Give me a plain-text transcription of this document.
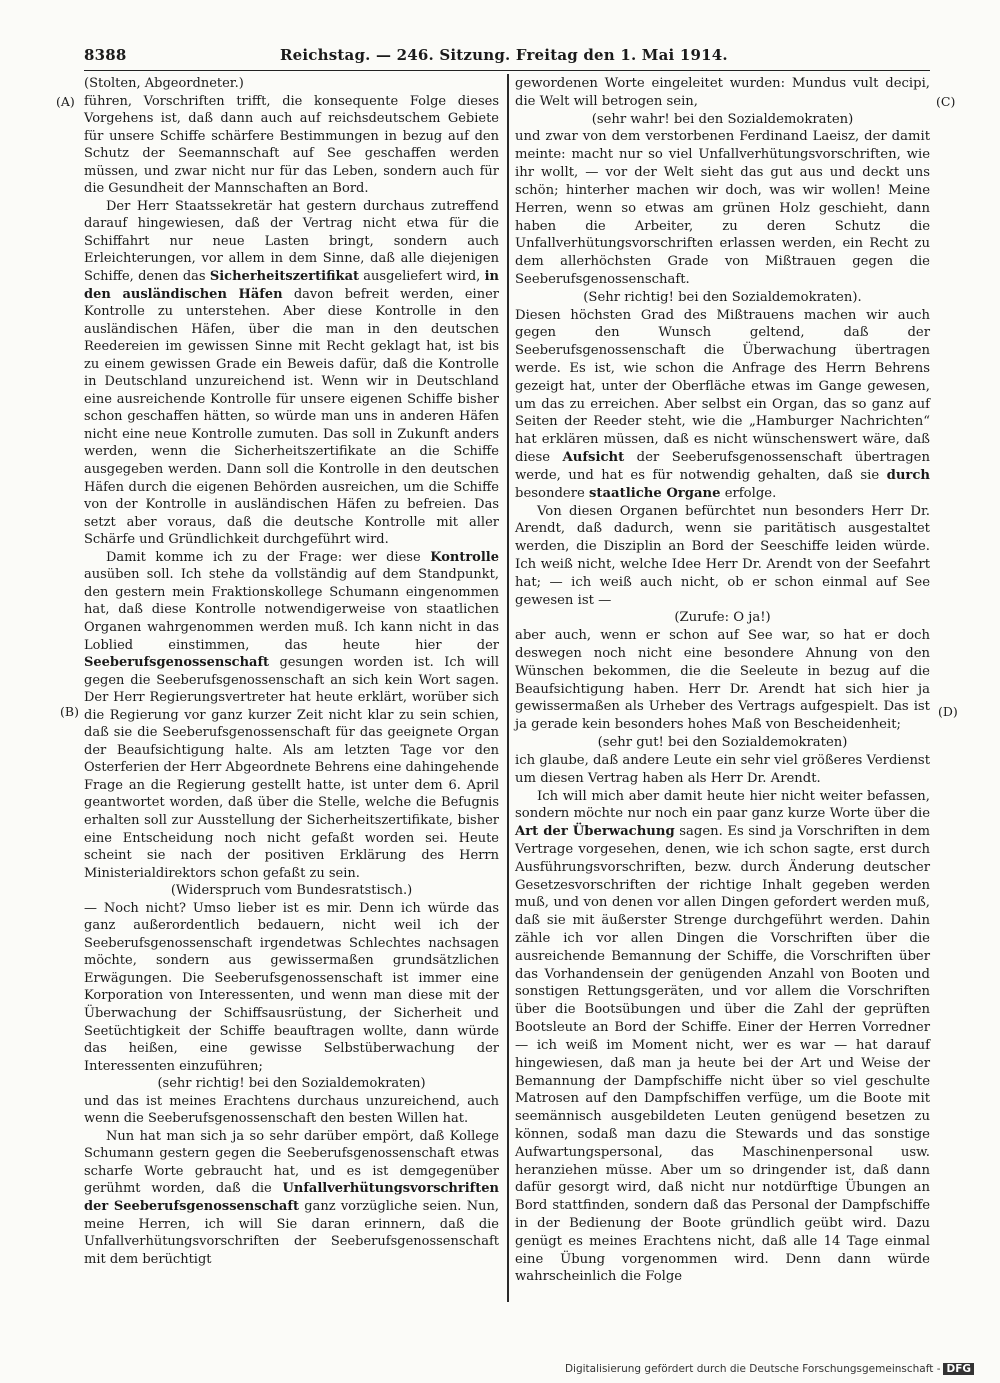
8388	Reichstag. — 246. Sitzung. Freitag den 1. Mai 1914.
(A)
(B)
(C)
(D)

(Stolten, Abgeordneter.)

führen, Vorschriften trifft, die konsequente Folge dieses Vorgehens ist, daß dann auch auf reichsdeutschem Gebiete für unsere Schiffe schärfere Bestimmungen in bezug auf den Schutz der Seemannschaft auf See geschaffen werden müssen, und zwar nicht nur für das Leben, sondern auch für die Gesundheit der Mannschaften an Bord.

Der Herr Staatssekretär hat gestern durchaus zutreffend darauf hingewiesen, daß der Vertrag nicht etwa für die Schiffahrt nur neue Lasten bringt, sondern auch Erleichterungen, vor allem in dem Sinne, daß alle diejenigen Schiffe, denen das Sicherheitszertifikat ausgeliefert wird, in den ausländischen Häfen davon befreit werden, einer Kontrolle zu unterstehen. Aber diese Kontrolle in den ausländischen Häfen, über die man in den deutschen Reedereien im gewissen Sinne mit Recht geklagt hat, ist bis zu einem gewissen Grade ein Beweis dafür, daß die Kontrolle in Deutschland unzureichend ist. Wenn wir in Deutschland eine ausreichende Kontrolle für unsere eigenen Schiffe bisher schon geschaffen hätten, so würde man uns in anderen Häfen nicht eine neue Kontrolle zumuten. Das soll in Zukunft anders werden, wenn die Sicherheitszertifikate an die Schiffe ausgegeben werden. Dann soll die Kontrolle in den deutschen Häfen durch die eigenen Behörden ausreichen, um die Schiffe von der Kontrolle in ausländischen Häfen zu befreien. Das setzt aber voraus, daß die deutsche Kontrolle mit aller Schärfe und Gründlichkeit durchgeführt wird.

Damit komme ich zu der Frage: wer diese Kontrolle ausüben soll. Ich stehe da vollständig auf dem Standpunkt, den gestern mein Fraktionskollege Schumann eingenommen hat, daß diese Kontrolle notwendigerweise von staatlichen Organen wahrgenommen werden muß. Ich kann nicht in das Loblied einstimmen, das heute hier der Seeberufsgenossenschaft gesungen worden ist. Ich will gegen die Seeberufsgenossenschaft an sich kein Wort sagen. Der Herr Regierungsvertreter hat heute erklärt, worüber sich die Regierung vor ganz kurzer Zeit nicht klar zu sein schien, daß sie die Seeberufsgenossenschaft für das geeignete Organ der Beaufsichtigung halte. Als am letzten Tage vor den Osterferien der Herr Abgeordnete Behrens eine dahingehende Frage an die Regierung gestellt hatte, ist unter dem 6. April geantwortet worden, daß über die Stelle, welche die Befugnis erhalten soll zur Ausstellung der Sicherheitszertifikate, bisher eine Entscheidung noch nicht gefaßt worden sei. Heute scheint sie nach der positiven Erklärung des Herrn Ministerialdirektors schon gefaßt zu sein.

(Widerspruch vom Bundesratstisch.)

— Noch nicht? Umso lieber ist es mir. Denn ich würde das ganz außerordentlich bedauern, nicht weil ich der Seeberufsgenossenschaft irgendetwas Schlechtes nachsagen möchte, sondern aus gewissermaßen grundsätzlichen Erwägungen. Die Seeberufsgenossenschaft ist immer eine Korporation von Interessenten, und wenn man diese mit der Überwachung der Schiffsausrüstung, der Sicherheit und Seetüchtigkeit der Schiffe beauftragen wollte, dann würde das heißen, eine gewisse Selbstüberwachung der Interessenten einzuführen;

(sehr richtig! bei den Sozialdemokraten)

und das ist meines Erachtens durchaus unzureichend, auch wenn die Seeberufsgenossenschaft den besten Willen hat.

Nun hat man sich ja so sehr darüber empört, daß Kollege Schumann gestern gegen die Seeberufsgenossenschaft etwas scharfe Worte gebraucht hat, und es ist demgegenüber gerühmt worden, daß die Unfallverhütungsvorschriften der Seeberufsgenossenschaft ganz vorzügliche seien. Nun, meine Herren, ich will Sie daran erinnern, daß die Unfallverhütungsvorschriften der Seeberufsgenossenschaft mit dem berüchtigt

gewordenen Worte eingeleitet wurden: Mundus vult decipi, die Welt will betrogen sein,

(sehr wahr! bei den Sozialdemokraten)

und zwar von dem verstorbenen Ferdinand Laeisz, der damit meinte: macht nur so viel Unfallverhütungsvorschriften, wie ihr wollt, — vor der Welt sieht das gut aus und deckt uns schön; hinterher machen wir doch, was wir wollen! Meine Herren, wenn so etwas am grünen Holz geschieht, dann haben die Arbeiter, zu deren Schutz die Unfallverhütungsvorschriften erlassen werden, ein Recht zu dem allerhöchsten Grade von Mißtrauen gegen die Seeberufsgenossenschaft.

(Sehr richtig! bei den Sozialdemokraten).

Diesen höchsten Grad des Mißtrauens machen wir auch gegen den Wunsch geltend, daß der Seeberufsgenossenschaft die Überwachung übertragen werde. Es ist, wie schon die Anfrage des Herrn Behrens gezeigt hat, unter der Oberfläche etwas im Gange gewesen, um das zu erreichen. Aber selbst ein Organ, das so ganz auf Seiten der Reeder steht, wie die „Hamburger Nachrichten“ hat erklären müssen, daß es nicht wünschenswert wäre, daß diese Aufsicht der Seeberufsgenossenschaft übertragen werde, und hat es für notwendig gehalten, daß sie durch besondere staatliche Organe erfolge.

Von diesen Organen befürchtet nun besonders Herr Dr. Arendt, daß dadurch, wenn sie paritätisch ausgestaltet werden, die Disziplin an Bord der Seeschiffe leiden würde. Ich weiß nicht, welche Idee Herr Dr. Arendt von der Seefahrt hat; — ich weiß auch nicht, ob er schon einmal auf See gewesen ist —

(Zurufe: O ja!)

aber auch, wenn er schon auf See war, so hat er doch deswegen noch nicht eine besondere Ahnung von den Wünschen bekommen, die die Seeleute in bezug auf die Beaufsichtigung haben. Herr Dr. Arendt hat sich hier ja gewissermaßen als Urheber des Vertrags aufgespielt. Das ist ja gerade kein besonders hohes Maß von Bescheidenheit;

(sehr gut! bei den Sozialdemokraten)

ich glaube, daß andere Leute ein sehr viel größeres Verdienst um diesen Vertrag haben als Herr Dr. Arendt.

Ich will mich aber damit heute hier nicht weiter befassen, sondern möchte nur noch ein paar ganz kurze Worte über die Art der Überwachung sagen. Es sind ja Vorschriften in dem Vertrage vorgesehen, denen, wie ich schon sagte, erst durch Ausführungsvorschriften, bezw. durch Änderung deutscher Gesetzesvorschriften der richtige Inhalt gegeben werden muß, und von denen vor allen Dingen gefordert werden muß, daß sie mit äußerster Strenge durchgeführt werden. Dahin zähle ich vor allen Dingen die Vorschriften über die ausreichende Bemannung der Schiffe, die Vorschriften über das Vorhandensein der genügenden Anzahl von Booten und sonstigen Rettungsgeräten, und vor allem die Vorschriften über die Bootsübungen und über die Zahl der geprüften Bootsleute an Bord der Schiffe. Einer der Herren Vorredner — ich weiß im Moment nicht, wer es war — hat darauf hingewiesen, daß man ja heute bei der Art und Weise der Bemannung der Dampfschiffe nicht über so viel geschulte Matrosen auf den Dampfschiffen verfüge, um die Boote mit seemännisch ausgebildeten Leuten genügend besetzen zu können, sodaß man dazu die Stewards und das sonstige Aufwartungspersonal, das Maschinenpersonal usw. heranziehen müsse. Aber um so dringender ist, daß dann dafür gesorgt wird, daß nicht nur notdürftige Übungen an Bord stattfinden, sondern daß das Personal der Dampfschiffe in der Bedienung der Boote gründlich geübt wird. Dazu genügt es meines Erachtens nicht, daß alle 14 Tage einmal eine Übung vorgenommen wird. Denn dann würde wahrscheinlich die Folge

Digitalisierung gefördert durch die Deutsche Forschungsgemeinschaft - DFG
